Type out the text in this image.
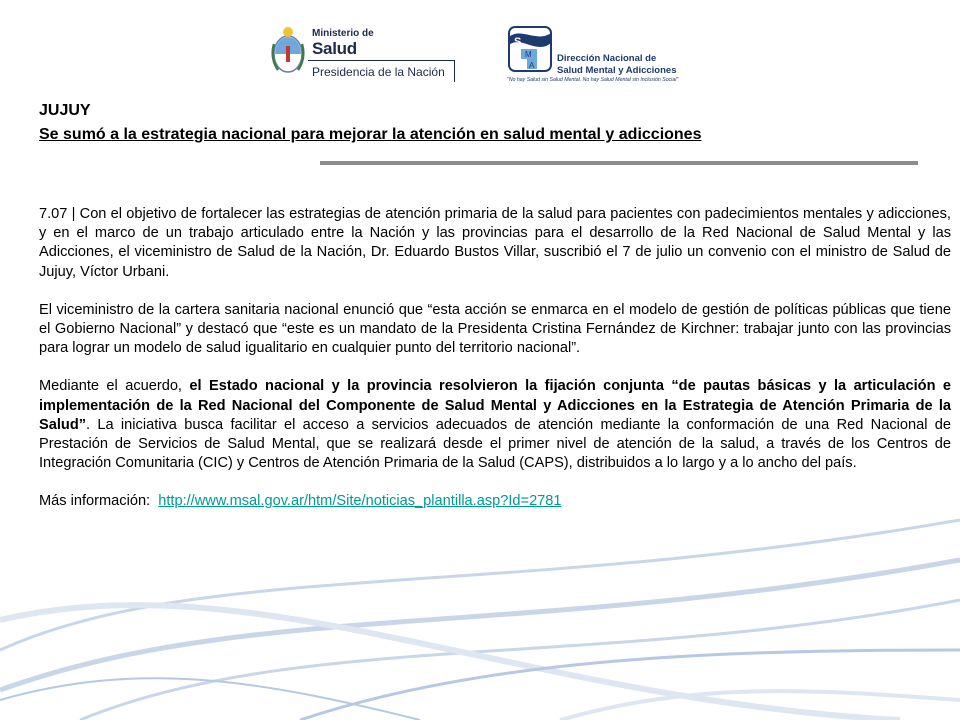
Ministerio de
Salud
Presidencia de la Nación
S
M
A
Dirección Nacional de
Salud Mental y Adicciones
"No hay Salud sin Salud Mental. No hay Salud Mental sin Inclusión Social"
JUJUY
Se sumó a la estrategia nacional para mejorar la atención en salud mental y adicciones

7.07 | Con el objetivo de fortalecer las estrategias de atención primaria de la salud para pacientes con padecimientos mentales y adicciones, y en el marco de un trabajo articulado entre la Nación y las provincias para el desarrollo de la Red Nacional de Salud Mental y las Adicciones, el viceministro de Salud de la Nación, Dr. Eduardo Bustos Villar, suscribió el 7 de julio un convenio con el ministro de Salud de Jujuy, Víctor Urbani.

El viceministro de la cartera sanitaria nacional enunció que “esta acción se enmarca en el modelo de gestión de políticas públicas que tiene el Gobierno Nacional” y destacó que “este es un mandato de la Presidenta Cristina Fernández de Kirchner: trabajar junto con las provincias para lograr un modelo de salud igualitario en cualquier punto del territorio nacional”.

Mediante el acuerdo, el Estado nacional y la provincia resolvieron la fijación conjunta “de pautas básicas y la articulación e implementación de la Red Nacional del Componente de Salud Mental y Adicciones en la Estrategia de Atención Primaria de la Salud”. La iniciativa busca facilitar el acceso a servicios adecuados de atención mediante la conformación de una Red Nacional de Prestación de Servicios de Salud Mental, que se realizará desde el primer nivel de atención de la salud, a través de los Centros de Integración Comunitaria (CIC) y Centros de Atención Primaria de la Salud (CAPS), distribuidos a lo largo y a lo ancho del país.

Más información: http://www.msal.gov.ar/htm/Site/noticias_plantilla.asp?Id=2781
